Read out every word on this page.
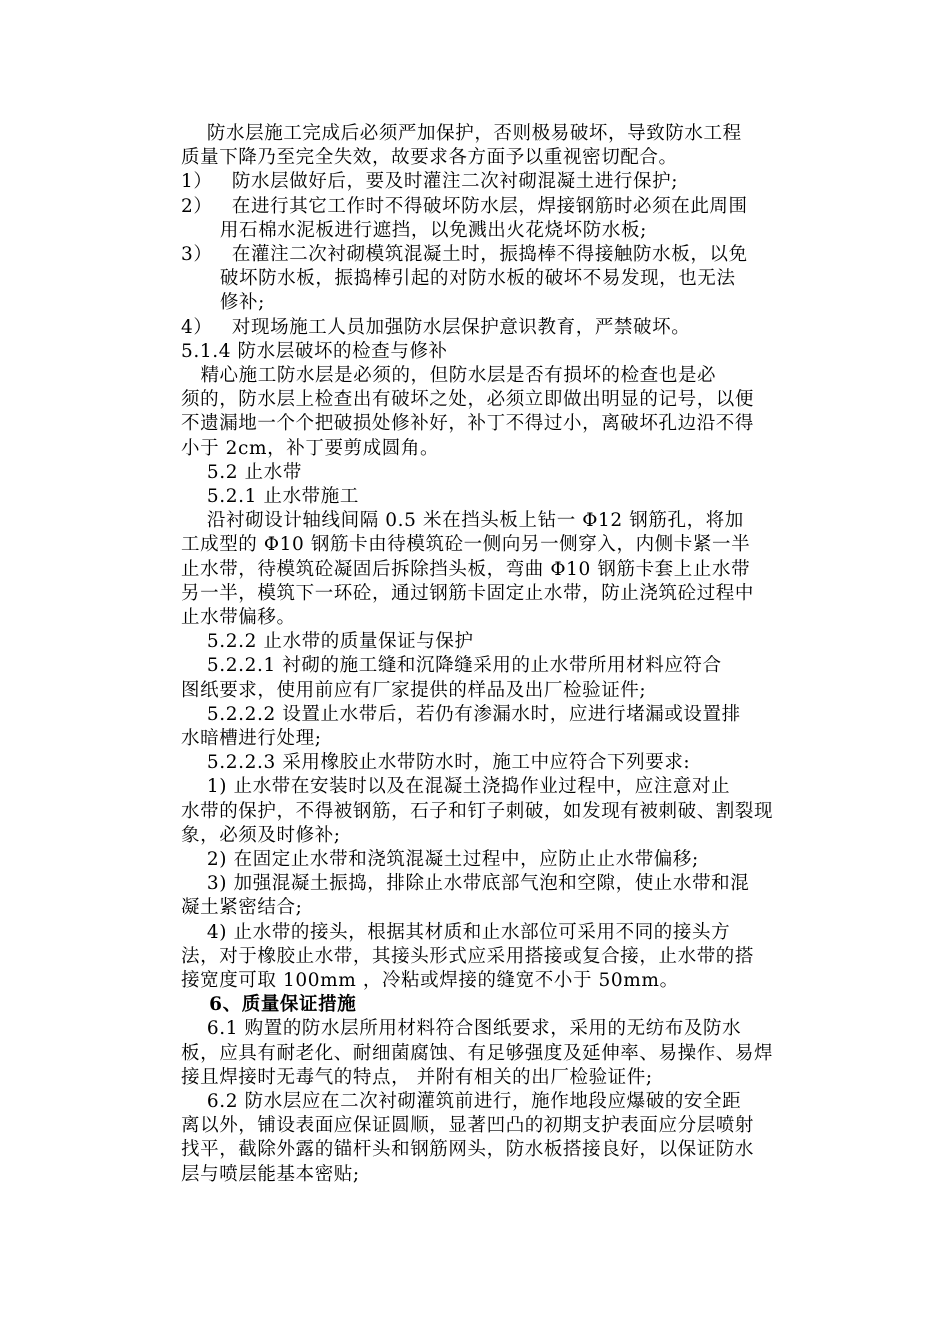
防水层施工完成后必须严加保护，否则极易破坏，导致防水工程
质量下降乃至完全失效，故要求各方面予以重视密切配合。
1）   防水层做好后，要及时灌注二次衬砌混凝土进行保护;
2）   在进行其它工作时不得破坏防水层，焊接钢筋时必须在此周围
用石棉水泥板进行遮挡，以免溅出火花烧坏防水板;
3）   在灌注二次衬砌模筑混凝土时，振捣棒不得接触防水板，以免
破坏防水板，振捣棒引起的对防水板的破坏不易发现，也无法
修补;
4）   对现场施工人员加强防水层保护意识教育，严禁破坏。
5.1.4 防水层破坏的检查与修补
精心施工防水层是必须的，但防水层是否有损坏的检查也是必
须的，防水层上检查出有破坏之处，必须立即做出明显的记号，以便
不遗漏地一个个把破损处修补好，补丁不得过小，离破坏孔边沿不得
小于 2cm，补丁要剪成圆角。
5.2 止水带
5.2.1 止水带施工
沿衬砌设计轴线间隔 0.5 米在挡头板上钻一 Φ12 钢筋孔，将加
工成型的 Φ10 钢筋卡由待模筑砼一侧向另一侧穿入，内侧卡紧一半
止水带，待模筑砼凝固后拆除挡头板，弯曲 Φ10 钢筋卡套上止水带
另一半，模筑下一环砼，通过钢筋卡固定止水带，防止浇筑砼过程中
止水带偏移。
5.2.2 止水带的质量保证与保护
5.2.2.1 衬砌的施工缝和沉降缝采用的止水带所用材料应符合
图纸要求，使用前应有厂家提供的样品及出厂检验证件;
5.2.2.2 设置止水带后，若仍有渗漏水时，应进行堵漏或设置排
水暗槽进行处理;
5.2.2.3 采用橡胶止水带防水时，施工中应符合下列要求:
1) 止水带在安装时以及在混凝土浇捣作业过程中，应注意对止
水带的保护，不得被钢筋，石子和钉子刺破，如发现有被刺破、割裂现
象，必须及时修补;
2) 在固定止水带和浇筑混凝土过程中，应防止止水带偏移;
3) 加强混凝土振捣，排除止水带底部气泡和空隙，使止水带和混
凝土紧密结合;
4) 止水带的接头，根据其材质和止水部位可采用不同的接头方
法，对于橡胶止水带，其接头形式应采用搭接或复合接，止水带的搭
接宽度可取 100mm ，冷粘或焊接的缝宽不小于 50mm。
6、质量保证措施
6.1 购置的防水层所用材料符合图纸要求，采用的无纺布及防水
板，应具有耐老化、耐细菌腐蚀、有足够强度及延伸率、易操作、易焊
接且焊接时无毒气的特点， 并附有相关的出厂检验证件;
6.2 防水层应在二次衬砌灌筑前进行，施作地段应爆破的安全距
离以外，铺设表面应保证圆顺，显著凹凸的初期支护表面应分层喷射
找平，截除外露的锚杆头和钢筋网头，防水板搭接良好，以保证防水
层与喷层能基本密贴;
